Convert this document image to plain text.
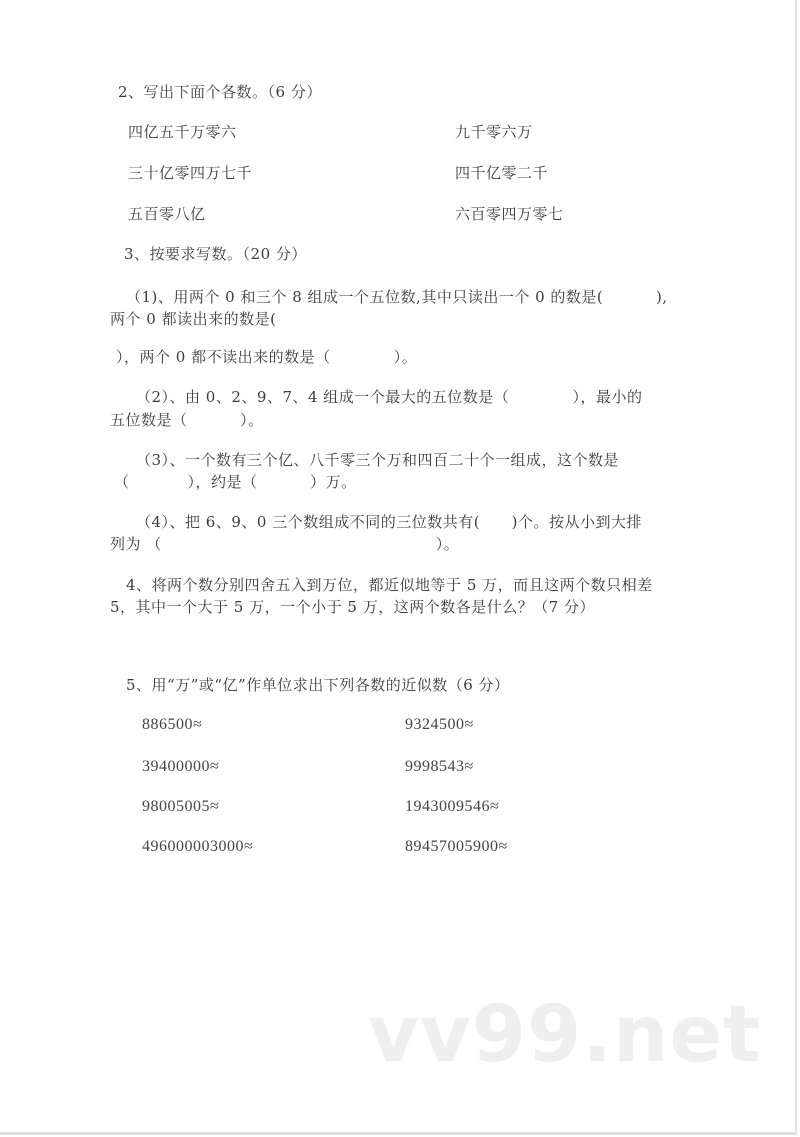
2、写出下面个各数。（6 分）
四亿五千万零六	九千零六万
三十亿零四万七千	四千亿零二千
五百零八亿	六百零四万零七
3、按要求写数。（20 分）
（1)、用两个 0 和三个 8 组成一个五位数,其中只读出一个 0 的数是(          ),
两个 0 都读出来的数是(
），两个 0 都不读出来的数是（            ）。
（2）、由 0、2、9、7、4 组成一个最大的五位数是（            ），最小的
五位数是（          ）。
（3）、一个数有三个亿、八千零三个万和四百二十个一组成，这个数是
（           ），约是（          ）万。
（4）、把 6、9、0 三个数组成不同的三位数共有(      )个。按从小到大排
列为 （                                                    ）。
4、将两个数分别四舍五入到万位，都近似地等于 5 万，而且这两个数只相差
5，其中一个大于 5 万，一个小于 5 万，这两个数各是什么？（7 分）
5、用“万”或“亿”作单位求出下列各数的近似数（6 分）
886500≈	9324500≈
39400000≈	9998543≈
98005005≈	1943009546≈
496000003000≈	89457005900≈
vv99.net
